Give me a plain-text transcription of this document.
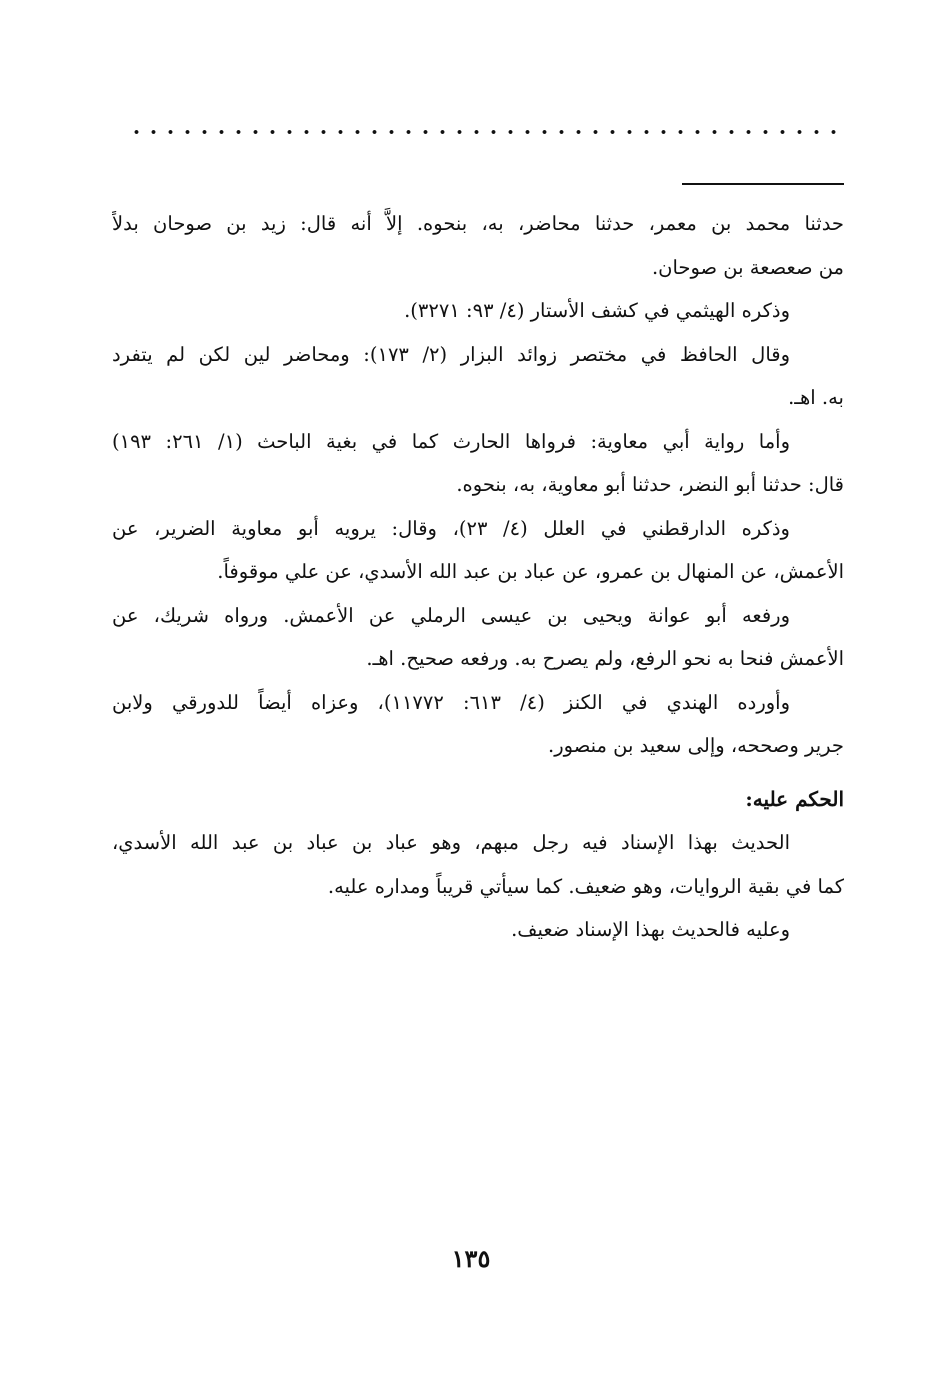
حدثنا محمد بن معمر، حدثنا محاضر، به، بنحوه. إلاَّ أنه قال: زيد بن صوحان بدلاً
من صعصعة بن صوحان.
وذكره الهيثمي في كشف الأستار (٤/ ٩٣: ٣٢٧١).
وقال الحافظ في مختصر زوائد البزار (٢/ ١٧٣): ومحاضر لين لكن لم يتفرد
به. اهـ.
وأما رواية أبي معاوية: فرواها الحارث كما في بغية الباحث (١/ ٢٦١: ١٩٣)
قال: حدثنا أبو النضر، حدثنا أبو معاوية، به، بنحوه.
وذكره الدارقطني في العلل (٤/ ٢٣)، وقال: يرويه أبو معاوية الضرير، عن
الأعمش، عن المنهال بن عمرو، عن عباد بن عبد الله الأسدي، عن علي موقوفاً.
ورفعه أبو عوانة ويحيى بن عيسى الرملي عن الأعمش. ورواه شريك، عن
الأعمش فنحا به نحو الرفع، ولم يصرح به. ورفعه صحيح. اهـ.
وأورده الهندي في الكنز (٤/ ٦١٣: ١١٧٧٢)، وعزاه أيضاً للدورقي ولابن
جرير وصححه، وإلى سعيد بن منصور.
الحكم عليه:
الحديث بهذا الإسناد فيه رجل مبهم، وهو عباد بن عباد بن عبد الله الأسدي،
كما في بقية الروايات، وهو ضعيف. كما سيأتي قريباً ومداره عليه.
وعليه فالحديث بهذا الإسناد ضعيف.
١٣٥
